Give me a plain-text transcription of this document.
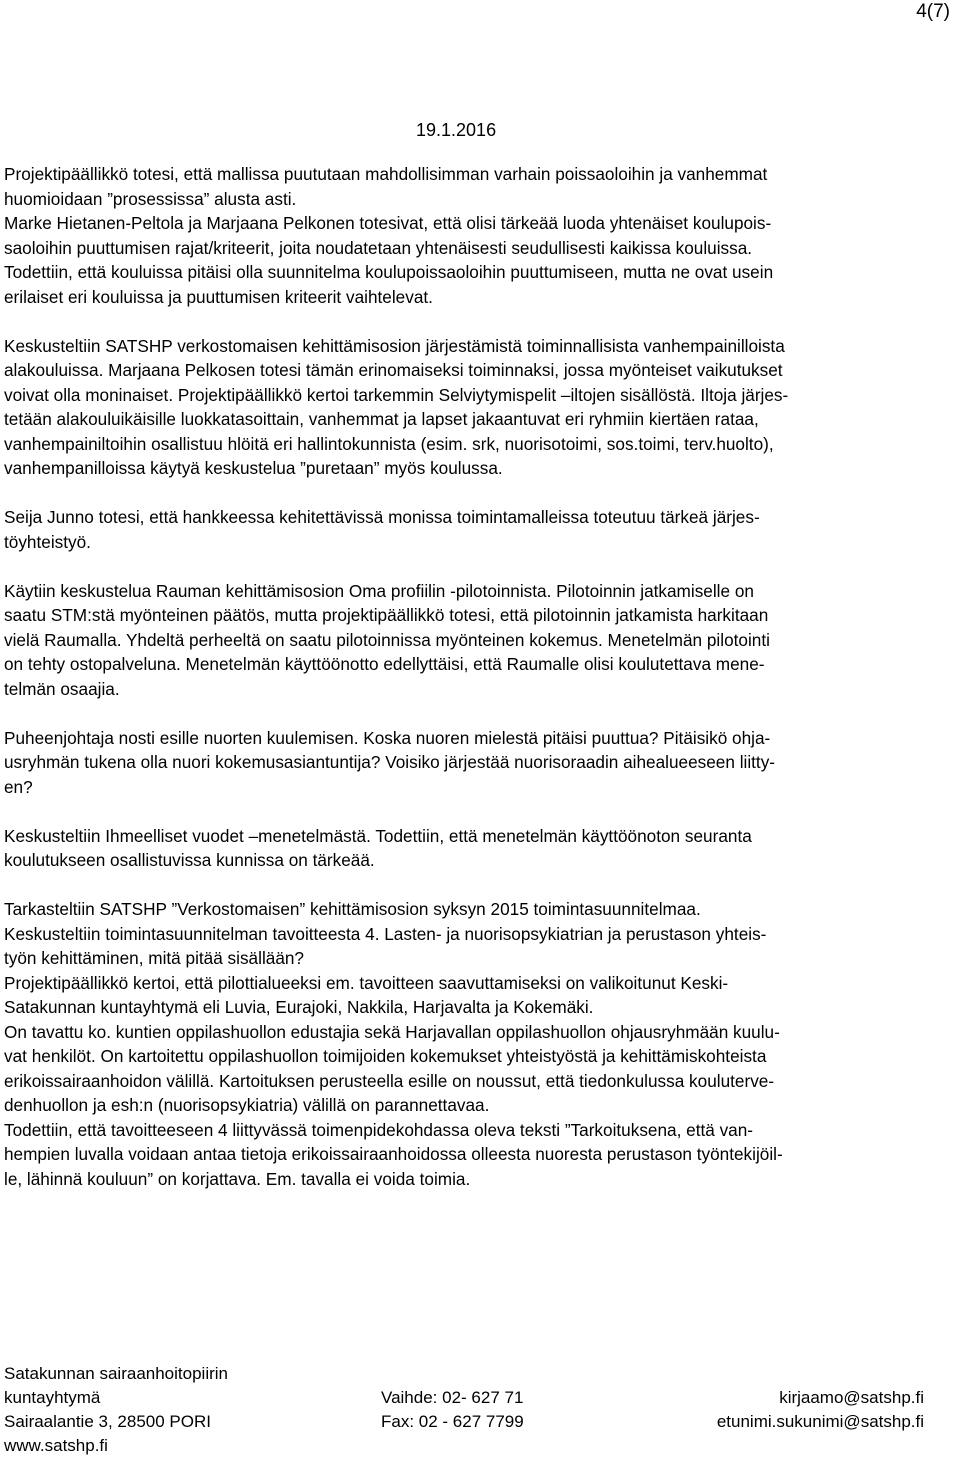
4(7)
19.1.2016

Projektipäällikkö totesi, että mallissa puututaan mahdollisimman varhain poissaoloihin ja vanhemmat
huomioidaan ”prosessissa” alusta asti.
Marke Hietanen-Peltola ja Marjaana Pelkonen totesivat, että olisi tärkeää luoda yhtenäiset koulupois-
saoloihin puuttumisen rajat/kriteerit, joita noudatetaan yhtenäisesti seudullisesti kaikissa kouluissa.
Todettiin, että kouluissa pitäisi olla suunnitelma koulupoissaoloihin puuttumiseen, mutta ne ovat usein
erilaiset eri kouluissa ja puuttumisen kriteerit vaihtelevat.

Keskusteltiin SATSHP verkostomaisen kehittämisosion järjestämistä toiminnallisista vanhempainilloista
alakouluissa. Marjaana Pelkosen totesi tämän erinomaiseksi toiminnaksi, jossa myönteiset vaikutukset
voivat olla moninaiset. Projektipäällikkö kertoi tarkemmin Selviytymispelit –iltojen sisällöstä. Iltoja järjes-
tetään alakouluikäisille luokkatasoittain, vanhemmat ja lapset jakaantuvat eri ryhmiin kiertäen rataa,
vanhempainiltoihin osallistuu hlöitä eri hallintokunnista (esim. srk, nuorisotoimi, sos.toimi, terv.huolto),
vanhempanilloissa käytyä keskustelua ”puretaan” myös koulussa.

Seija Junno totesi, että hankkeessa kehitettävissä monissa toimintamalleissa toteutuu tärkeä järjes-
töyhteistyö.

Käytiin keskustelua Rauman kehittämisosion Oma profiilin -pilotoinnista. Pilotoinnin jatkamiselle on
saatu STM:stä myönteinen päätös, mutta projektipäällikkö totesi, että pilotoinnin jatkamista harkitaan
vielä Raumalla. Yhdeltä perheeltä on saatu pilotoinnissa myönteinen kokemus. Menetelmän pilotointi
on tehty ostopalveluna. Menetelmän käyttöönotto edellyttäisi, että Raumalle olisi koulutettava mene-
telmän osaajia.

Puheenjohtaja nosti esille nuorten kuulemisen. Koska nuoren mielestä pitäisi puuttua? Pitäisikö ohja-
usryhmän tukena olla nuori kokemusasiantuntija? Voisiko järjestää nuorisoraadin aihealueeseen liitty-
en?

Keskusteltiin Ihmeelliset vuodet –menetelmästä. Todettiin, että menetelmän käyttöönoton seuranta
koulutukseen osallistuvissa kunnissa on tärkeää.

Tarkasteltiin SATSHP ”Verkostomaisen” kehittämisosion syksyn 2015 toimintasuunnitelmaa.
Keskusteltiin toimintasuunnitelman tavoitteesta 4. Lasten- ja nuorisopsykiatrian ja perustason yhteis-
työn kehittäminen, mitä pitää sisällään?
Projektipäällikkö kertoi, että pilottialueeksi em. tavoitteen saavuttamiseksi on valikoitunut Keski-
Satakunnan kuntayhtymä eli Luvia, Eurajoki, Nakkila, Harjavalta ja Kokemäki.
On tavattu ko. kuntien oppilashuollon edustajia sekä Harjavallan oppilashuollon ohjausryhmään kuulu-
vat henkilöt. On kartoitettu oppilashuollon toimijoiden kokemukset yhteistyöstä ja kehittämiskohteista
erikoissairaanhoidon välillä. Kartoituksen perusteella esille on noussut, että tiedonkulussa kouluterve-
denhuollon ja esh:n (nuorisopsykiatria) välillä on parannettavaa.
Todettiin, että tavoitteeseen 4 liittyvässä toimenpidekohdassa oleva teksti ”Tarkoituksena, että van-
hempien luvalla voidaan antaa tietoja erikoissairaanhoidossa olleesta nuoresta perustason työntekijöil-
le, lähinnä kouluun” on korjattava. Em. tavalla ei voida toimia.

Satakunnan sairaanhoitopiirin
kuntayhtymä
Sairaalantie 3, 28500 PORI
www.satshp.fi
Vaihde: 02- 627 71
Fax: 02 - 627 7799
kirjaamo@satshp.fi
etunimi.sukunimi@satshp.fi
